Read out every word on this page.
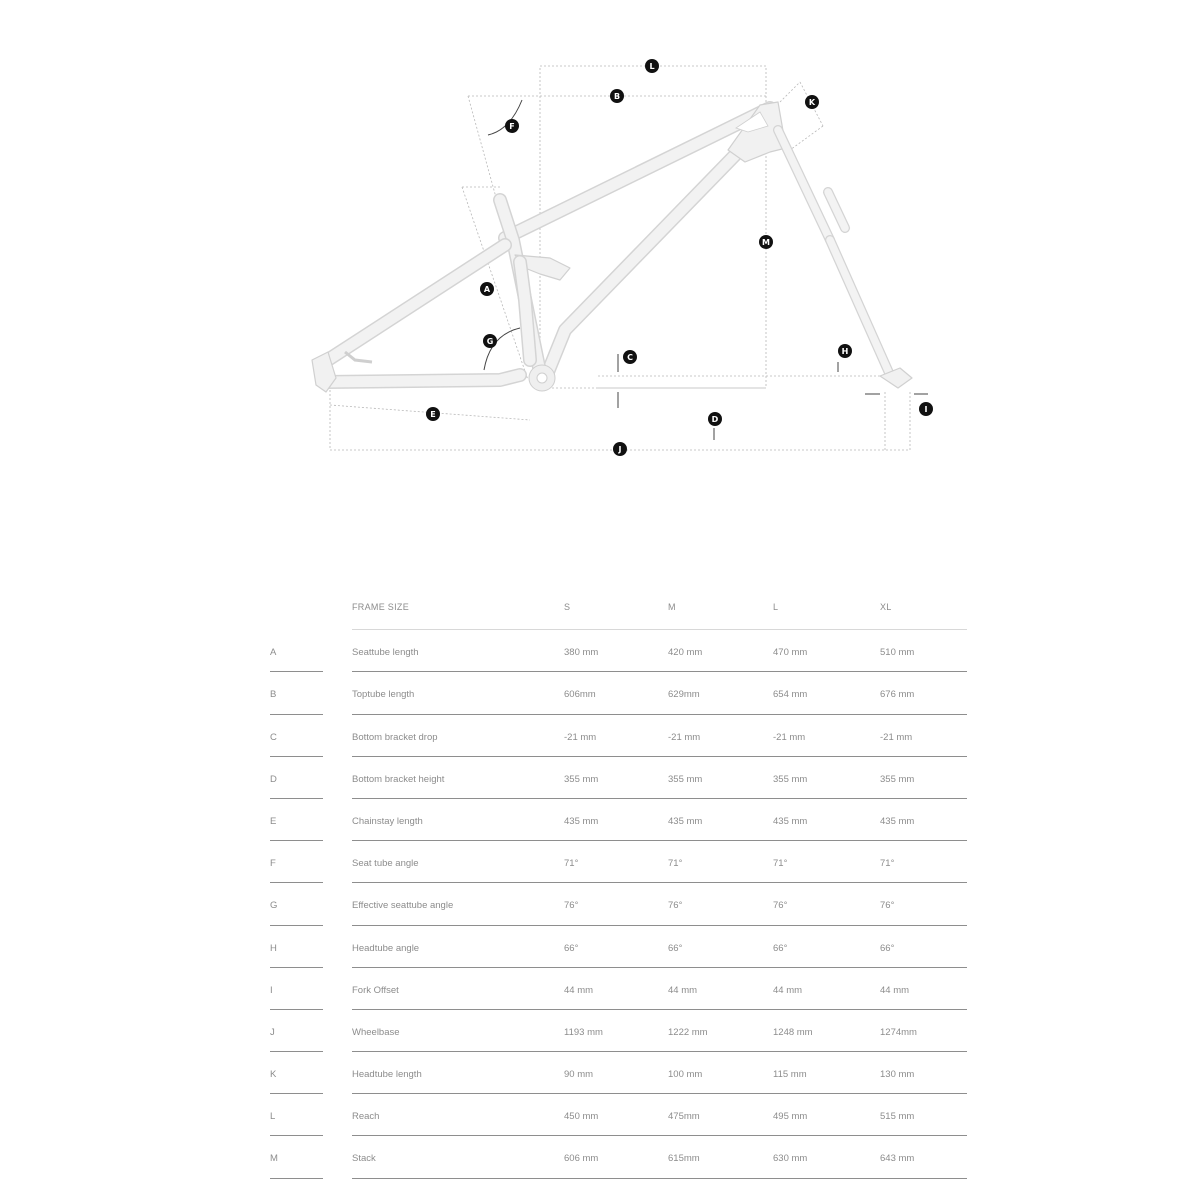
L
B
K
F
M
A
G
H
C
I
E
D
J
FRAME SIZE	S	M	L	XL
A	Seattube length	380 mm	420 mm	470 mm	510 mm
B	Toptube length	606mm	629mm	654 mm	676 mm
C	Bottom bracket drop	-21 mm	-21 mm	-21 mm	-21 mm
D	Bottom bracket height	355 mm	355 mm	355 mm	355 mm
E	Chainstay length	435 mm	435 mm	435 mm	435 mm
F	Seat tube angle	71°	71°	71°	71°
G	Effective seattube angle	76°	76°	76°	76°
H	Headtube angle	66°	66°	66°	66°
I	Fork Offset	44 mm	44 mm	44 mm	44 mm
J	Wheelbase	1193 mm	1222 mm	1248 mm	1274mm
K	Headtube length	90 mm	100 mm	115 mm	130 mm
L	Reach	450 mm	475mm	495 mm	515 mm
M	Stack	606 mm	615mm	630 mm	643 mm
